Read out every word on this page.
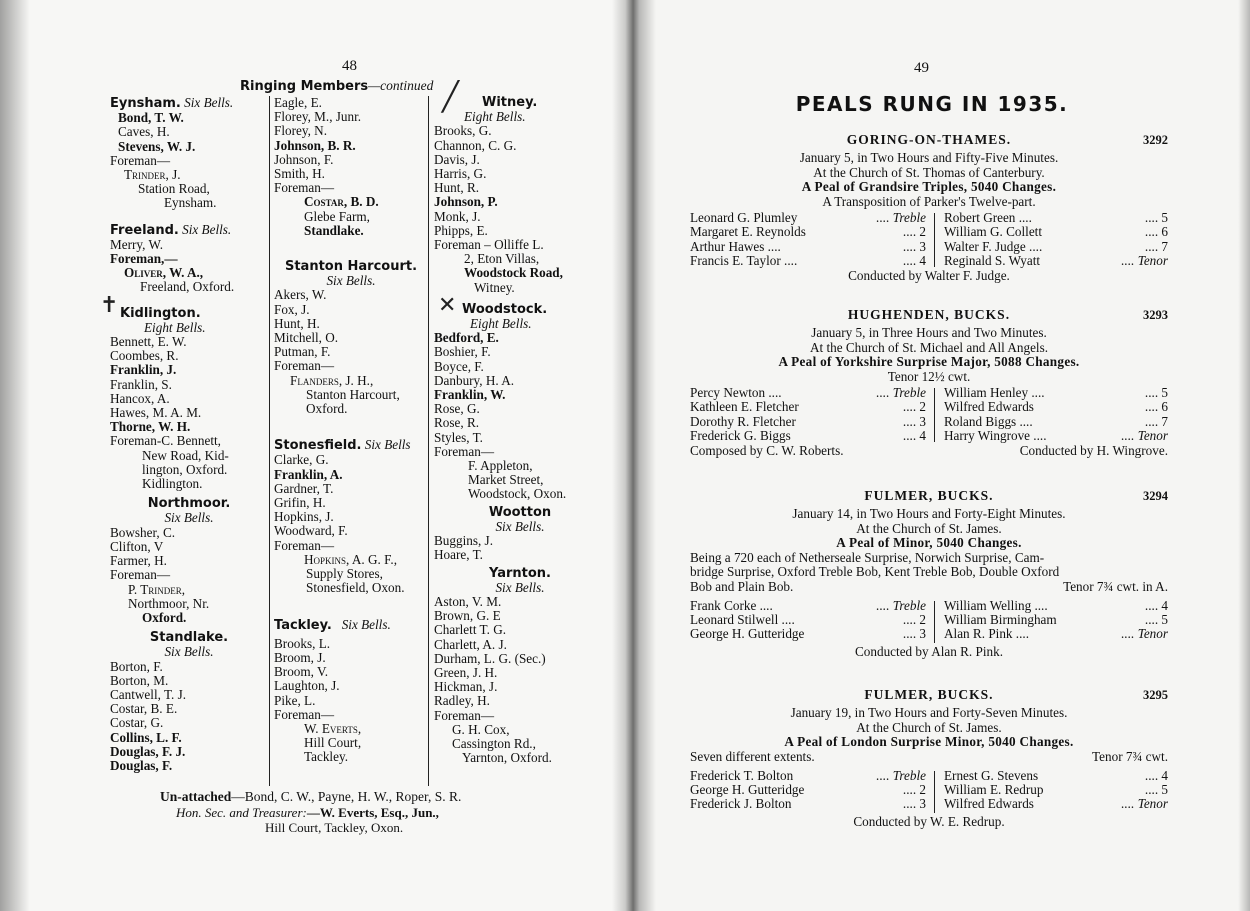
48
Ringing Members—continued
Eynsham. Six Bells.
Bond, T. W.
Caves, H.
Stevens, W. J.
Foreman—
Trinder, J.
Station Road,
Eynsham.
Freeland. Six Bells.
Merry, W.
Foreman,—
Oliver, W. A.,
Freeland, Oxford.
✝ Kidlington.
Eight Bells.
Bennett, E. W.
Coombes, R.
Franklin, J.
Franklin, S.
Hancox, A.
Hawes, M. A. M.
Thorne, W. H.
Foreman-C. Bennett,
New Road, Kid-
lington, Oxford.
Kidlington.
Northmoor.
Six Bells.
Bowsher, C.
Clifton, V
Farmer, H.
Foreman—
P. Trinder,
Northmoor, Nr.
Oxford.
Standlake.
Six Bells.
Borton, F.
Borton, M.
Cantwell, T. J.
Costar, B. E.
Costar, G.
Collins, L. F.
Douglas, F. J.
Douglas, F.
Eagle, E.
Florey, M., Junr.
Florey, N.
Johnson, B. R.
Johnson, F.
Smith, H.
Foreman—
Costar, B. D.
Glebe Farm,
Standlake.
Stanton Harcourt.
Six Bells.
Akers, W.
Fox, J.
Hunt, H.
Mitchell, O.
Putman, F.
Foreman—
Flanders, J. H.,
Stanton Harcourt,
Oxford.
Stonesfield. Six Bells
Clarke, G.
Franklin, A.
Gardner, T.
Grifin, H.
Hopkins, J.
Woodward, F.
Foreman—
Hopkins, A. G. F.,
Supply Stores,
Stonesfield, Oxon.
Tackley. Six Bells.
Brooks, L.
Broom, J.
Broom, V.
Laughton, J.
Pike, L.
Foreman—
W. Everts,
Hill Court,
Tackley.
╱	Witney.
Eight Bells.
Brooks, G.
Channon, C. G.
Davis, J.
Harris, G.
Hunt, R.
Johnson, P.
Monk, J.
Phipps, E.
Foreman – Olliffe L.
2, Eton Villas,
Woodstock Road,
Witney.
✕ Woodstock.
Eight Bells.
Bedford, E.
Boshier, F.
Boyce, F.
Danbury, H. A.
Franklin, W.
Rose, G.
Rose, R.
Styles, T.
Foreman—
F. Appleton,
Market Street,
Woodstock, Oxon.
Wootton
Six Bells.
Buggins, J.
Hoare, T.
Yarnton.
Six Bells.
Aston, V. M.
Brown, G. E
Charlett T. G.
Charlett, A. J.
Durham, L. G. (Sec.)
Green, J. H.
Hickman, J.
Radley, H.
Foreman—
G. H. Cox,
Cassington Rd.,
Yarnton, Oxford.
Un-attached—Bond, C. W., Payne, H. W., Roper, S. R.
Hon. Sec. and Treasurer:—W. Everts, Esq., Jun.,
Hill Court, Tackley, Oxon.
49
PEALS RUNG IN 1935.
GORING-ON-THAMES.	3292
January 5, in Two Hours and Fifty-Five Minutes.
At the Church of St. Thomas of Canterbury.
A Peal of Grandsire Triples, 5040 Changes.
A Transposition of Parker's Twelve-part.
Leonard G. Plumley	.... Treble
Margaret E. Reynolds	.... 2
Arthur Hawes ....	.... 3
Francis E. Taylor ....	.... 4
Robert Green ....	.... 5
William G. Collett	.... 6
Walter F. Judge ....	.... 7
Reginald S. Wyatt	.... Tenor
Conducted by Walter F. Judge.
HUGHENDEN, BUCKS.	3293
January 5, in Three Hours and Two Minutes.
At the Church of St. Michael and All Angels.
A Peal of Yorkshire Surprise Major, 5088 Changes.
Tenor 12½ cwt.
Percy Newton ....	.... Treble
Kathleen E. Fletcher	.... 2
Dorothy R. Fletcher	.... 3
Frederick G. Biggs	.... 4
William Henley ....	.... 5
Wilfred Edwards	.... 6
Roland Biggs ....	.... 7
Harry Wingrove ....	.... Tenor
Composed by C. W. Roberts.	Conducted by H. Wingrove.
FULMER, BUCKS.	3294
January 14, in Two Hours and Forty-Eight Minutes.
At the Church of St. James.
A Peal of Minor, 5040 Changes.
Being a 720 each of Netherseale Surprise, Norwich Surprise, Cam-
bridge Surprise, Oxford Treble Bob, Kent Treble Bob, Double Oxford
Bob and Plain Bob.	Tenor 7¾ cwt. in A.
Frank Corke ....	.... Treble
Leonard Stilwell ....	.... 2
George H. Gutteridge	.... 3
William Welling ....	.... 4
William Birmingham	.... 5
Alan R. Pink ....	.... Tenor
Conducted by Alan R. Pink.
FULMER, BUCKS.	3295
January 19, in Two Hours and Forty-Seven Minutes.
At the Church of St. James.
A Peal of London Surprise Minor, 5040 Changes.
Seven different extents.	Tenor 7¾ cwt.
Frederick T. Bolton	.... Treble
George H. Gutteridge	.... 2
Frederick J. Bolton	.... 3
Ernest G. Stevens	.... 4
William E. Redrup	.... 5
Wilfred Edwards	.... Tenor
Conducted by W. E. Redrup.
